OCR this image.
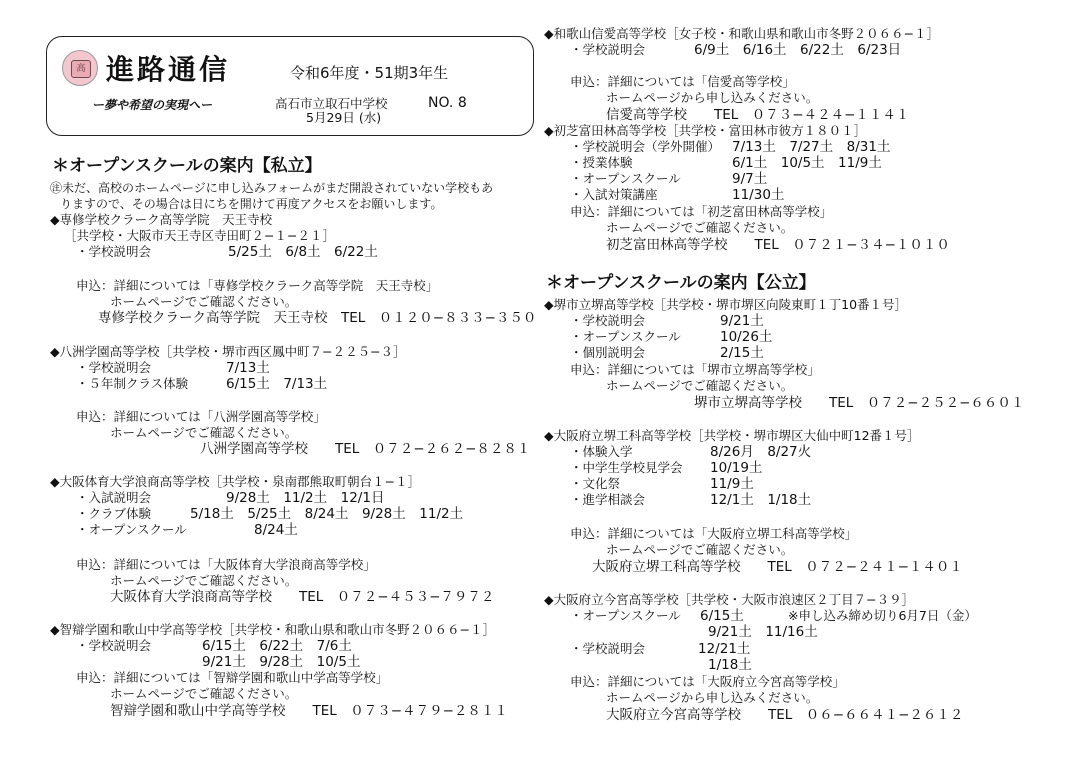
高 進路通信	令和6年度・51期3年生
ー夢や希望の実現へー	高石市立取石中学校	NO. 8
5月29日 (水)
＊オープンスクールの案内【私立】
㊟未だ、高校のホームページに申し込みフォームがまだ開設されていない学校もあ
りますので、その場合は日にちを開けて再度アクセスをお願いします。
◆専修学校クラーク高等学院　天王寺校
［共学校・大阪市天王寺区寺田町２−１−２１］
・学校説明会	5/25土　6/8土　6/22土
申込：詳細については「専修学校クラーク高等学院　天王寺校」
ホームページでご確認ください。
専修学校クラーク高等学院　天王寺校　TEL　０１２０−８３３−３５０
◆八洲学園高等学校［共学校・堺市西区鳳中町７−２２５−３］
・学校説明会	7/13土
・５年制クラス体験	6/15土　7/13土
申込：詳細については「八洲学園高等学校」
ホームページでご確認ください。
八洲学園高等学校　　TEL　０７２−２６２−８２８１
◆大阪体育大学浪商高等学校［共学校・泉南郡熊取町朝台１−１］
・入試説明会	9/28土　11/2土　12/1日
・クラブ体験	5/18土　5/25土　8/24土　9/28土　11/2土
・オープンスクール	8/24土
申込：詳細については「大阪体育大学浪商高等学校」
ホームページでご確認ください。
大阪体育大学浪商高等学校　　TEL　０７２−４５３−７９７２
◆智辯学園和歌山中学高等学校［共学校・和歌山県和歌山市冬野２０６６−１］
・学校説明会	6/15土　6/22土　7/6土
9/21土　9/28土　10/5土
申込：詳細については「智辯学園和歌山中学高等学校」
ホームページでご確認ください。
智辯学園和歌山中学高等学校　　TEL　０７３−４７９−２８１１
◆和歌山信愛高等学校［女子校・和歌山県和歌山市冬野２０６６−１］
・学校説明会	6/9土　6/16土　6/22土　6/23日
申込：詳細については「信愛高等学校」
ホームページから申し込みください。
信愛高等学校　　TEL　０７３−４２４−１１４１
◆初芝富田林高等学校［共学校・富田林市彼方１８０１］
・学校説明会（学外開催） 7/13土　7/27土　8/31土
・授業体験	6/1土　10/5土　11/9土
・オープンスクール	9/7土
・入試対策講座	11/30土
申込：詳細については「初芝富田林高等学校」
ホームページでご確認ください。
初芝富田林高等学校　　TEL　０７２１−３４−１０１０
＊オープンスクールの案内【公立】
◆堺市立堺高等学校［共学校・堺市堺区向陵東町１丁10番１号］
・学校説明会	9/21土
・オープンスクール	10/26土
・個別説明会	2/15土
申込：詳細については「堺市立堺高等学校」
ホームページでご確認ください。
堺市立堺高等学校　　TEL　０７２−２５２−６６０１
◆大阪府立堺工科高等学校［共学校・堺市堺区大仙中町12番１号］
・体験入学	8/26月　8/27火
・中学生学校見学会 10/19土
・文化祭	11/9土
・進学相談会	12/1土　1/18土
申込：詳細については「大阪府立堺工科高等学校」
ホームページでご確認ください。
大阪府立堺工科高等学校　　TEL　０７２−２４１−１４０１
◆大阪府立今宮高等学校［共学校・大阪市浪速区２丁目７−３９］
・オープンスクール 6/15土	※申し込み締め切り6月7日（金）
9/21土　11/16土
・学校説明会	12/21土
1/18土
申込：詳細については「大阪府立今宮高等学校」
ホームページから申し込みください。
大阪府立今宮高等学校　　TEL　０６−６６４１−２６１２
